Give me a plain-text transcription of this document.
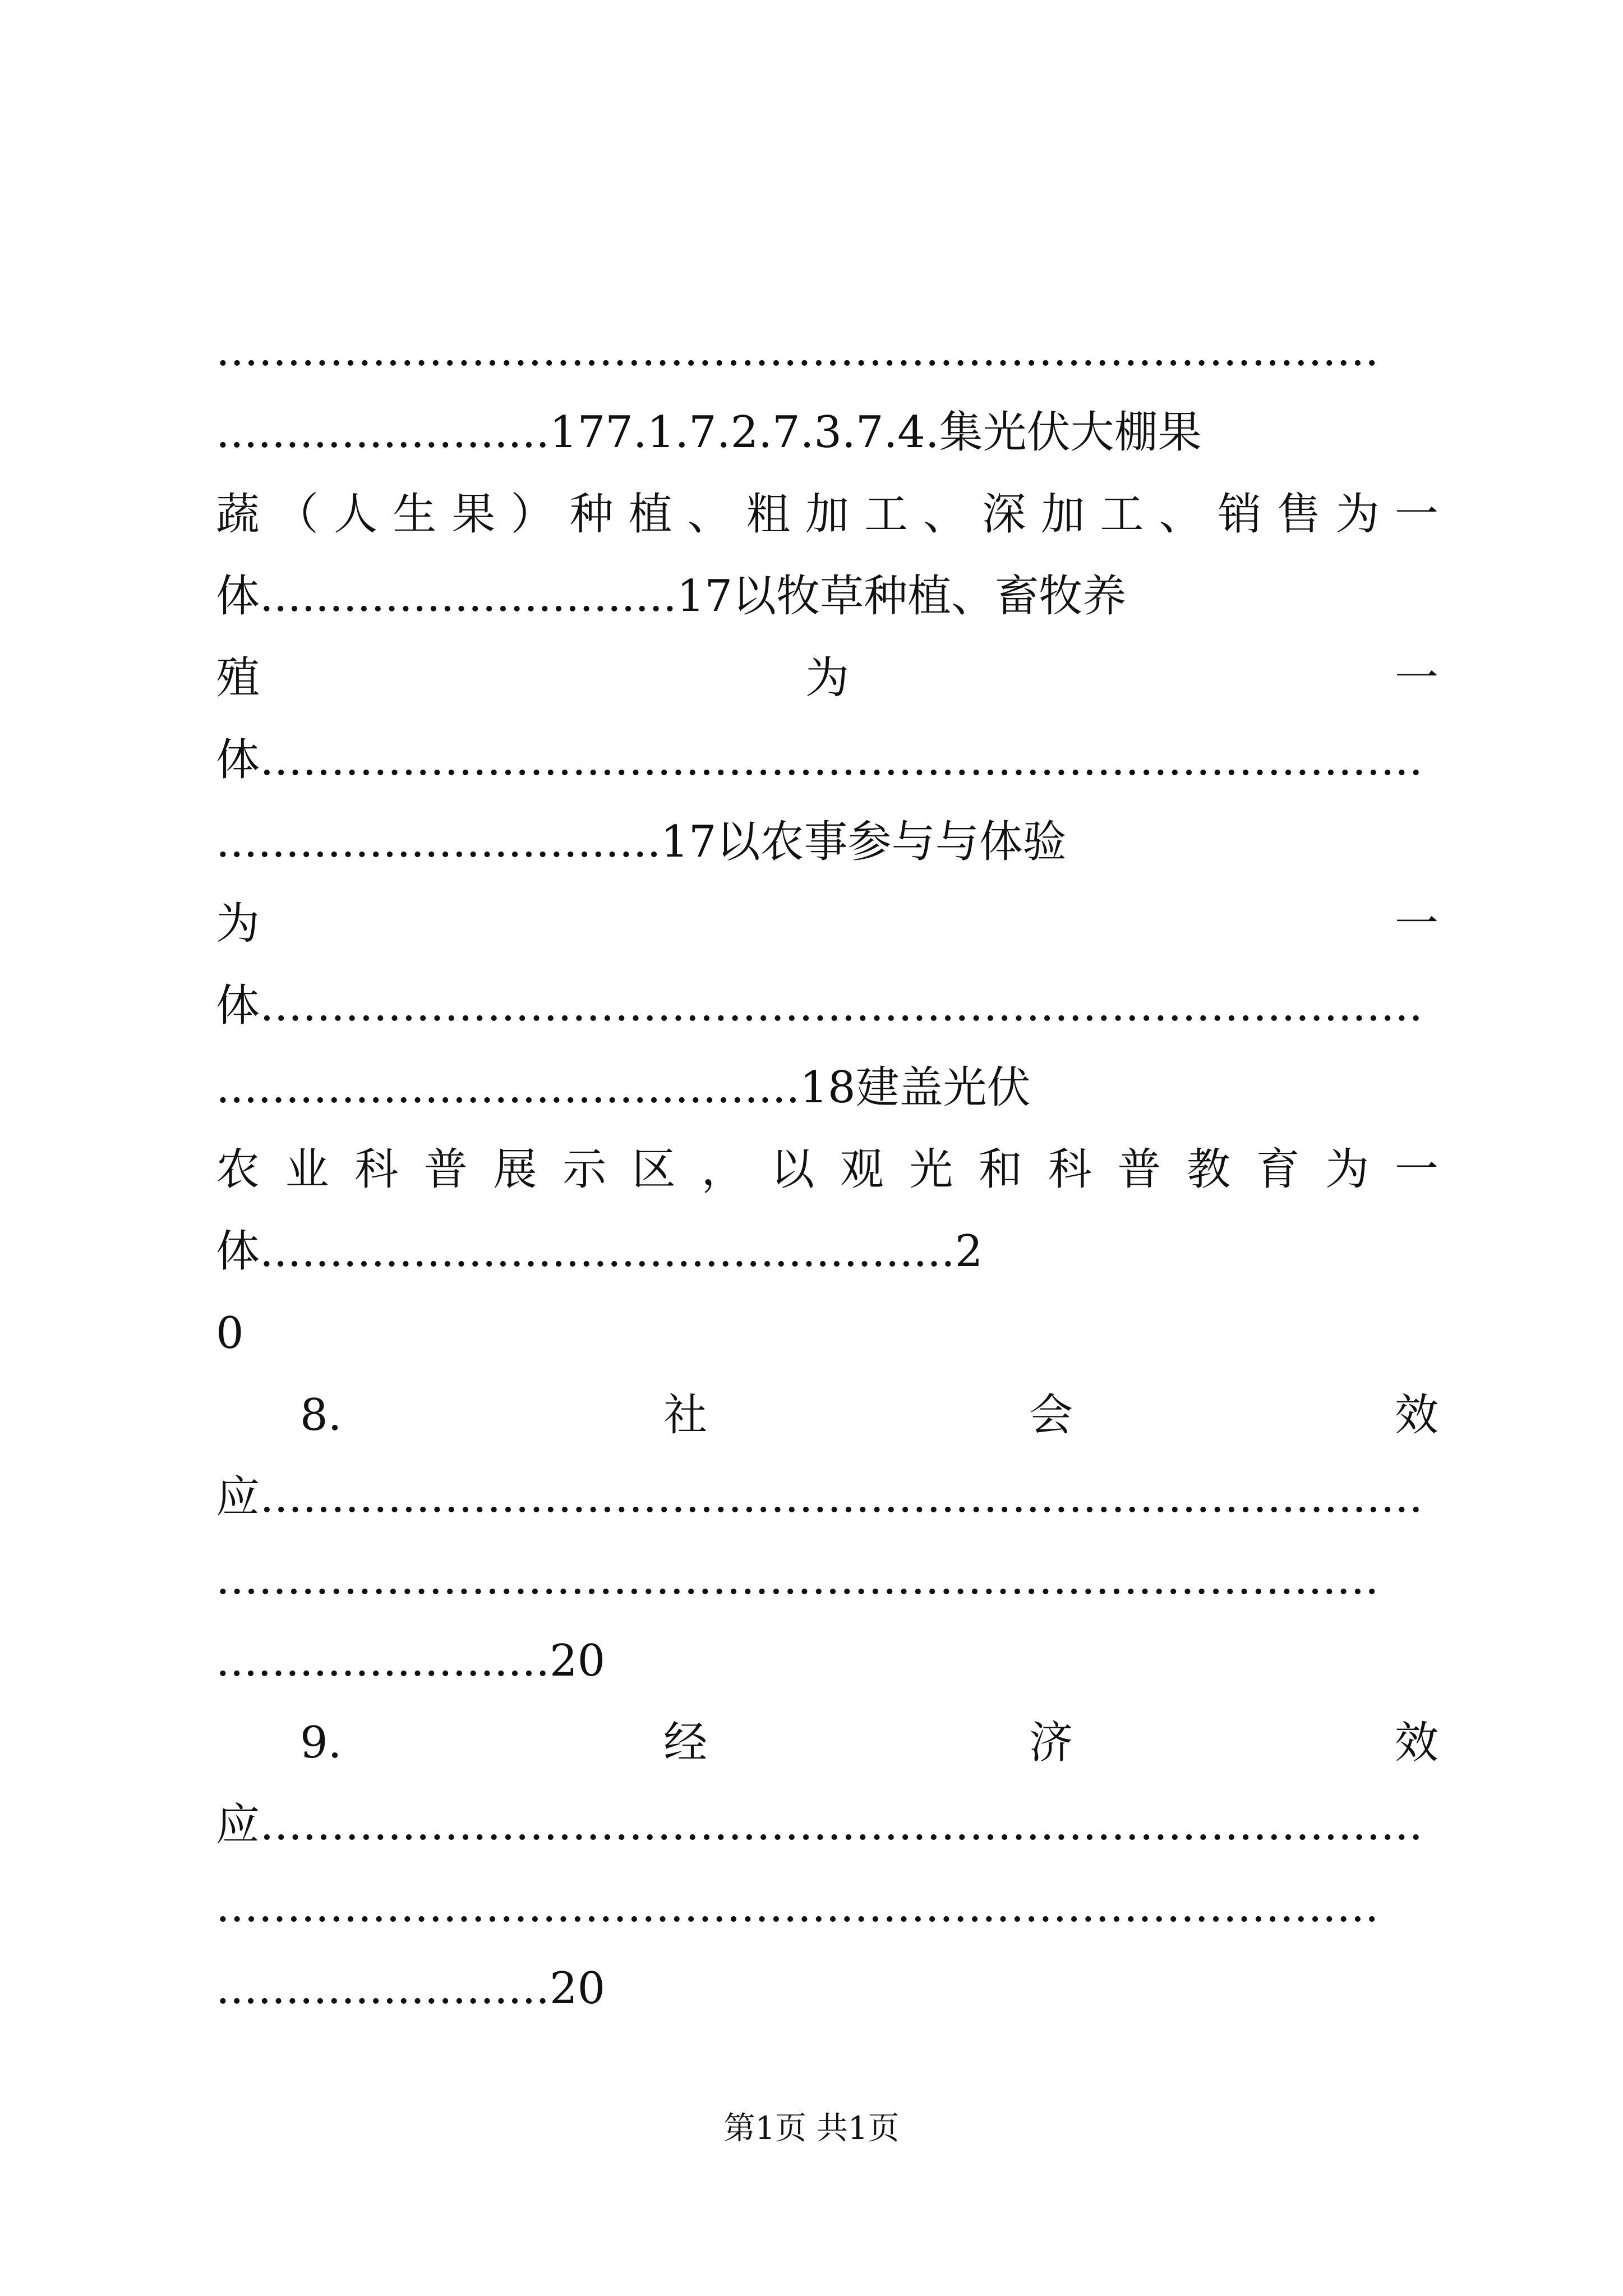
..................................................................................
........................177.1.7.2.7.3.7.4.集光伏大棚果
蔬 （ 人 生 果 ） 种 植 、 粗 加 工 、 深 加 工 、 销 售 为 一
体..............................17以牧草种植、畜牧养
殖	为	一
体..................................................................................
................................17以农事参与与体验
为	一
体..................................................................................
..........................................18建盖光伏
农 业 科 普 展 示 区 ， 以 观 光 和 科 普 教 育 为 一
体..................................................2
0
8.	社	会	效
应..................................................................................
..................................................................................
........................20
9.	经	济	效
应..................................................................................
..................................................................................
........................20
第1页 共1页
